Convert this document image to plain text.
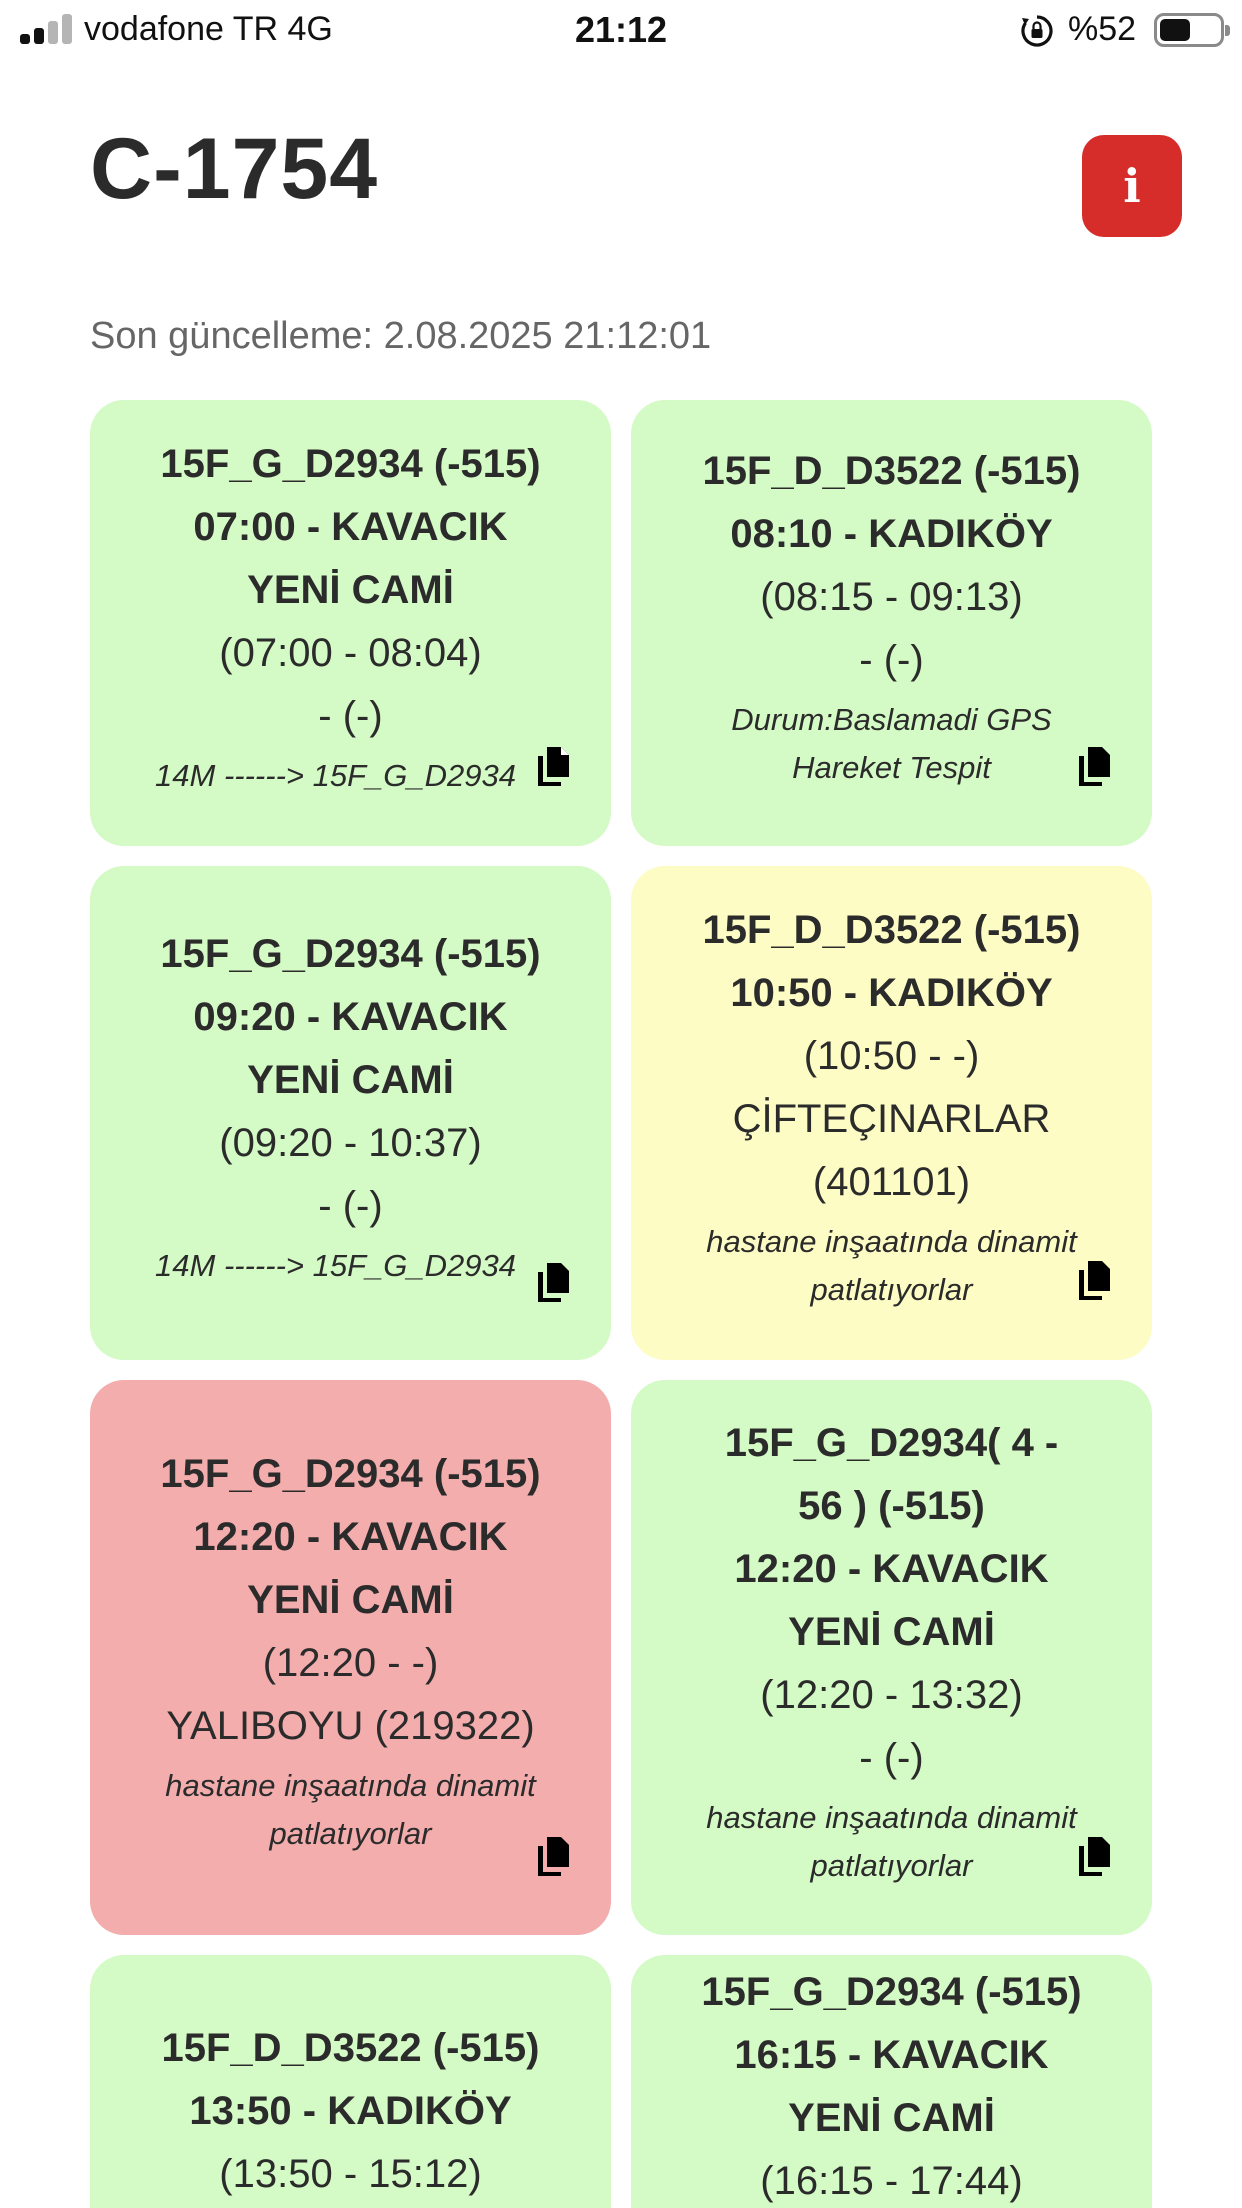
vodafone TR 4G	21:12	%52
C-1754	i
Son güncelleme: 2.08.2025 21:12:01
15F_G_D2934 (-515)
07:00 - KAVACIK YENİ CAMİ
(07:00 - 08:04)
- (-)
14M ------> 15F_G_D2934
15F_D_D3522 (-515)
08:10 - KADIKÖY
(08:15 - 09:13)
- (-)
Durum:Baslamadi GPS Hareket Tespit
15F_G_D2934 (-515)
09:20 - KAVACIK YENİ CAMİ
(09:20 - 10:37)
- (-)
14M ------> 15F_G_D2934
15F_D_D3522 (-515)
10:50 - KADIKÖY
(10:50 - -)
ÇİFTEÇINARLAR (401101)
hastane inşaatında dinamit patlatıyorlar
15F_G_D2934 (-515)
12:20 - KAVACIK YENİ CAMİ
(12:20 - -)
YALIBOYU (219322)
hastane inşaatında dinamit patlatıyorlar
15F_G_D2934( 4 - 56 ) (-515)
12:20 - KAVACIK YENİ CAMİ
(12:20 - 13:32)
- (-)
hastane inşaatında dinamit patlatıyorlar
15F_D_D3522 (-515)
13:50 - KADIKÖY
(13:50 - 15:12)
15F_G_D2934 (-515)
16:15 - KAVACIK YENİ CAMİ
(16:15 - 17:44)
